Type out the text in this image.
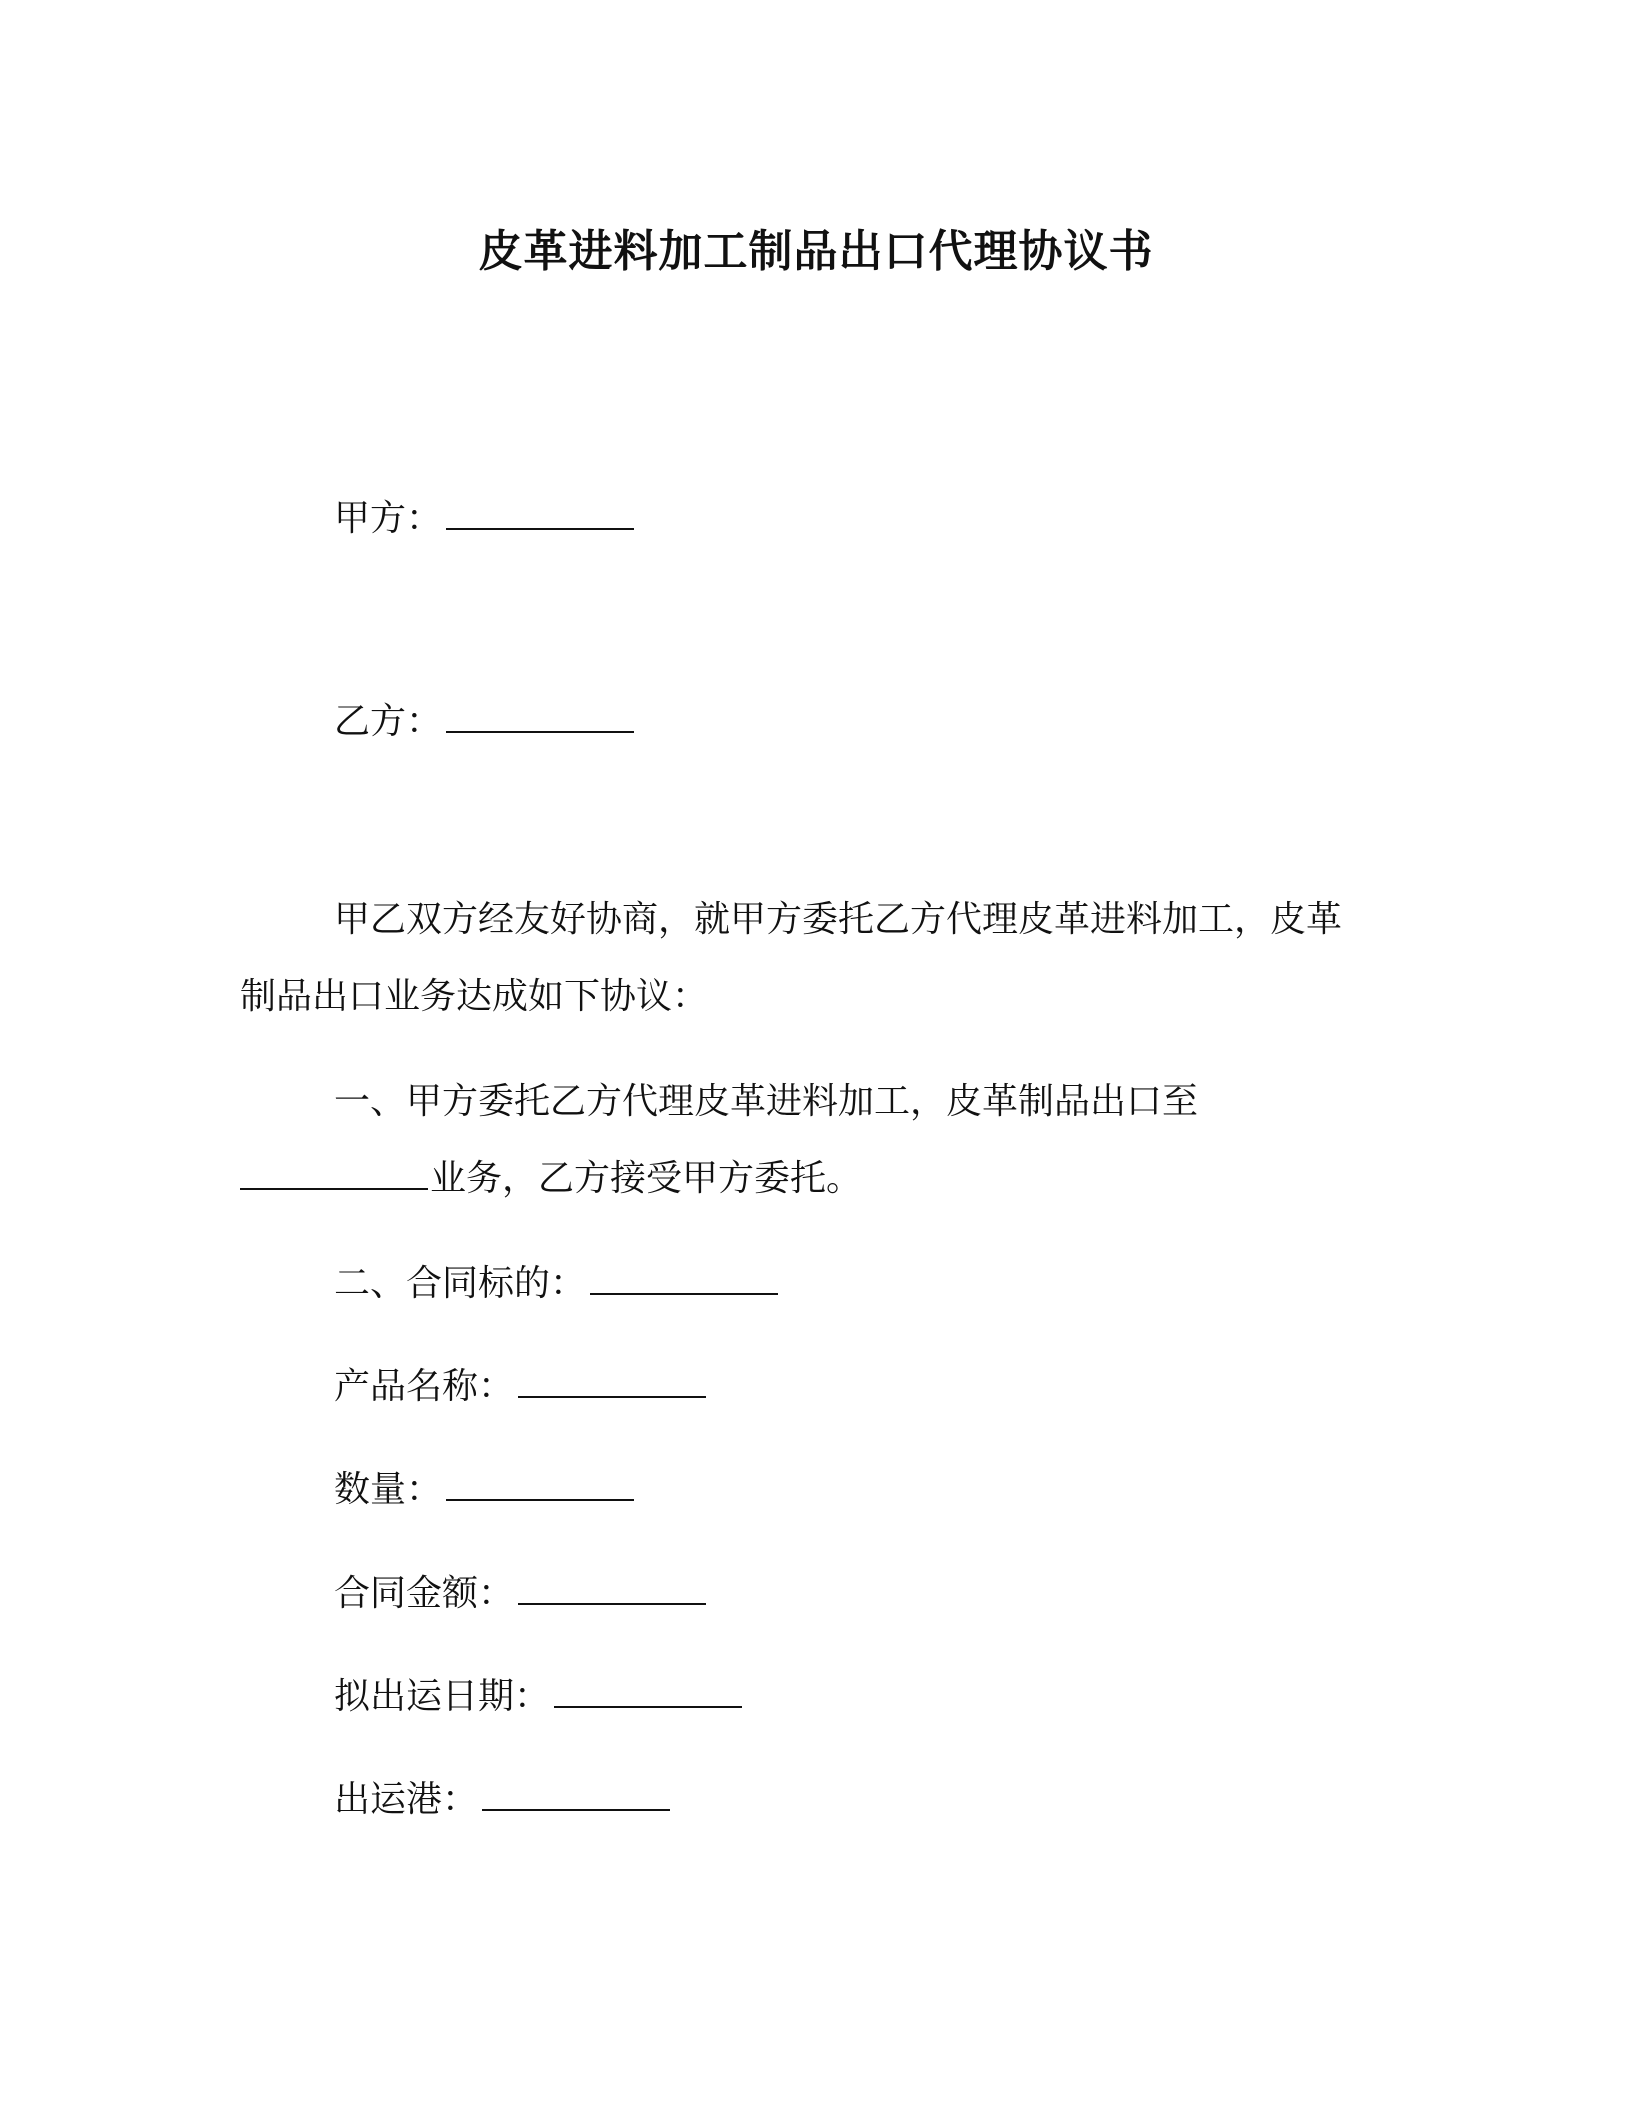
皮革进料加工制品出口代理协议书
甲方：
乙方：
甲乙双方经友好协商，就甲方委托乙方代理皮革进料加工，皮革
制品出口业务达成如下协议：
一、甲方委托乙方代理皮革进料加工，皮革制品出口至
业务，乙方接受甲方委托。
二、合同标的：
产品名称：
数量：
合同金额：
拟出运日期：
出运港：
